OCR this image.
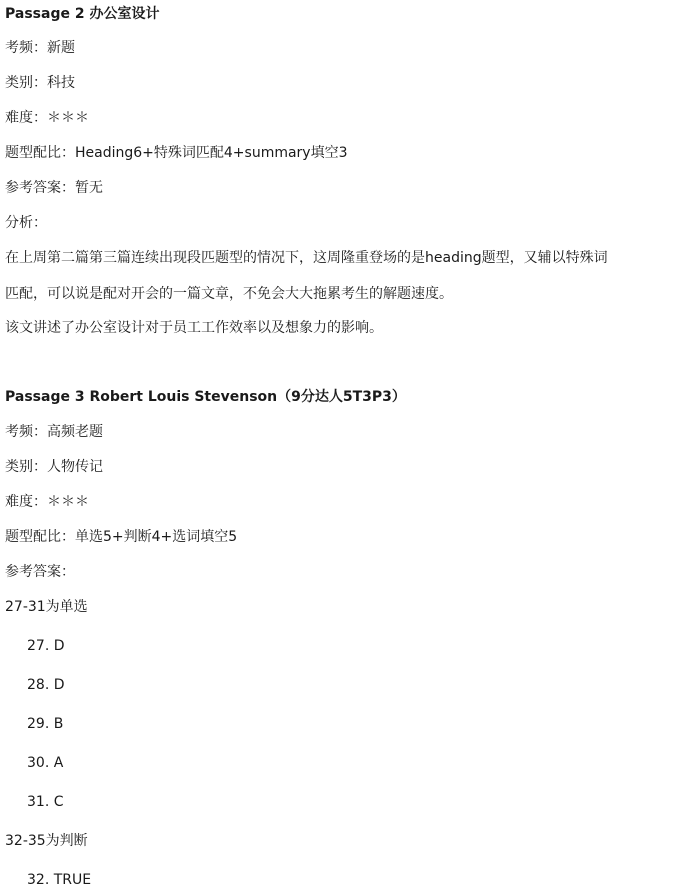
Passage 2 办公室设计
考频：新题
类别：科技
难度：＊＊＊
题型配比：Heading6+特殊词匹配4+summary填空3
参考答案：暂无
分析：
在上周第二篇第三篇连续出现段匹题型的情况下，这周隆重登场的是heading题型，又辅以特殊词
匹配，可以说是配对开会的一篇文章，不免会大大拖累考生的解题速度。
该文讲述了办公室设计对于员工工作效率以及想象力的影响。
Passage 3 Robert Louis Stevenson（9分达人5T3P3）
考频：高频老题
类别：人物传记
难度：＊＊＊
题型配比：单选5+判断4+选词填空5
参考答案：
27-31为单选
27. D
28. D
29. B
30. A
31. C
32-35为判断
32. TRUE
